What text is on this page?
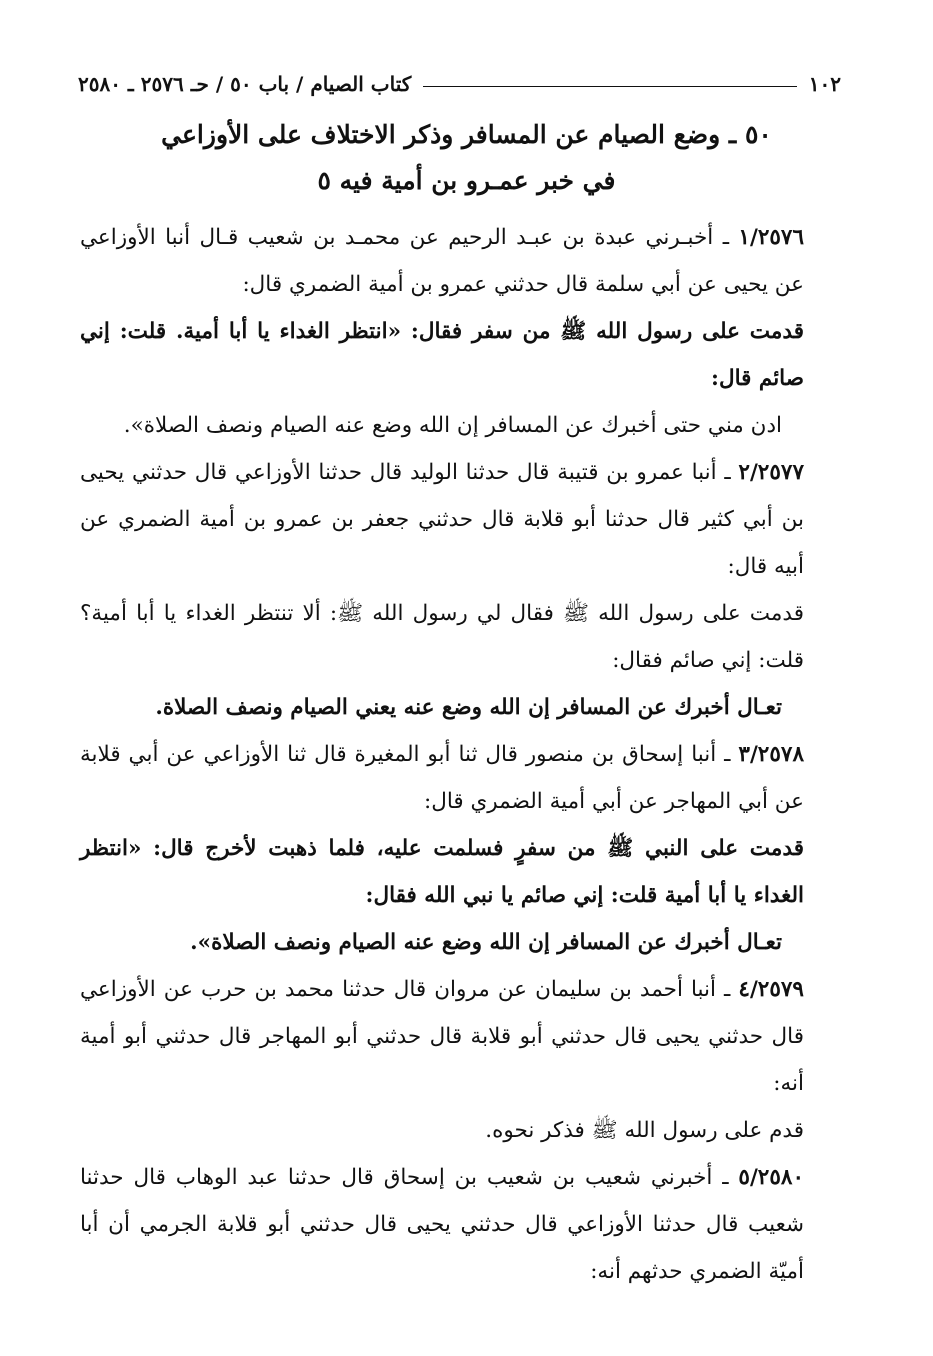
١٠٢
كتاب الصيام / باب ٥٠ / حـ ٢٥٧٦ ـ ٢٥٨٠
٥٠ ـ وضع الصيام عن المسافر وذكر الاختلاف على الأوزاعي
في خبر عمـرو بن أمية فيه ٥

١/٢٥٧٦ ـ أخبـرني عبدة بن عبـد الرحيم عن محمـد بن شعيب قـال أنبا الأوزاعي عن يحيى عن أبي سلمة قال حدثني عمرو بن أمية الضمري قال:

قدمت على رسول الله ﷺ من سفر فقال: «انتظر الغداء يا أبا أمية. قلت: إني صائم قال:

ادن مني حتى أخبرك عن المسافر إن الله وضع عنه الصيام ونصف الصلاة».

٢/٢٥٧٧ ـ أنبا عمرو بن قتيبة قال حدثنا الوليد قال حدثنا الأوزاعي قال حدثني يحيى بن أبي كثير قال حدثنا أبو قلابة قال حدثني جعفر بن عمرو بن أمية الضمري عن أبيه قال:

قدمت على رسول الله ﷺ فقال لي رسول الله ﷺ: ألا تنتظر الغداء يا أبا أمية؟ قلت: إني صائم فقال:

تعـال أخبرك عن المسافر إن الله وضع عنه يعني الصيام ونصف الصلاة.

٣/٢٥٧٨ ـ أنبا إسحاق بن منصور قال ثنا أبو المغيرة قال ثنا الأوزاعي عن أبي قلابة عن أبي المهاجر عن أبي أمية الضمري قال:

قدمت على النبي ﷺ من سفرٍ فسلمت عليه، فلما ذهبت لأخرج قال: «انتظر الغداء يا أبا أمية قلت: إني صائم يا نبي الله فقال:

تعـال أخبرك عن المسافر إن الله وضع عنه الصيام ونصف الصلاة».

٤/٢٥٧٩ ـ أنبا أحمد بن سليمان عن مروان قال حدثنا محمد بن حرب عن الأوزاعي قال حدثني يحيى قال حدثني أبو قلابة قال حدثني أبو المهاجر قال حدثني أبو أمية أنه:

قدم على رسول الله ﷺ فذكر نحوه.

٥/٢٥٨٠ ـ أخبرني شعيب بن شعيب بن إسحاق قال حدثنا عبد الوهاب قال حدثنا شعيب قال حدثنا الأوزاعي قال حدثني يحيى قال حدثني أبو قلابة الجرمي أن أبا أميّة الضمري حدثهم أنه:
